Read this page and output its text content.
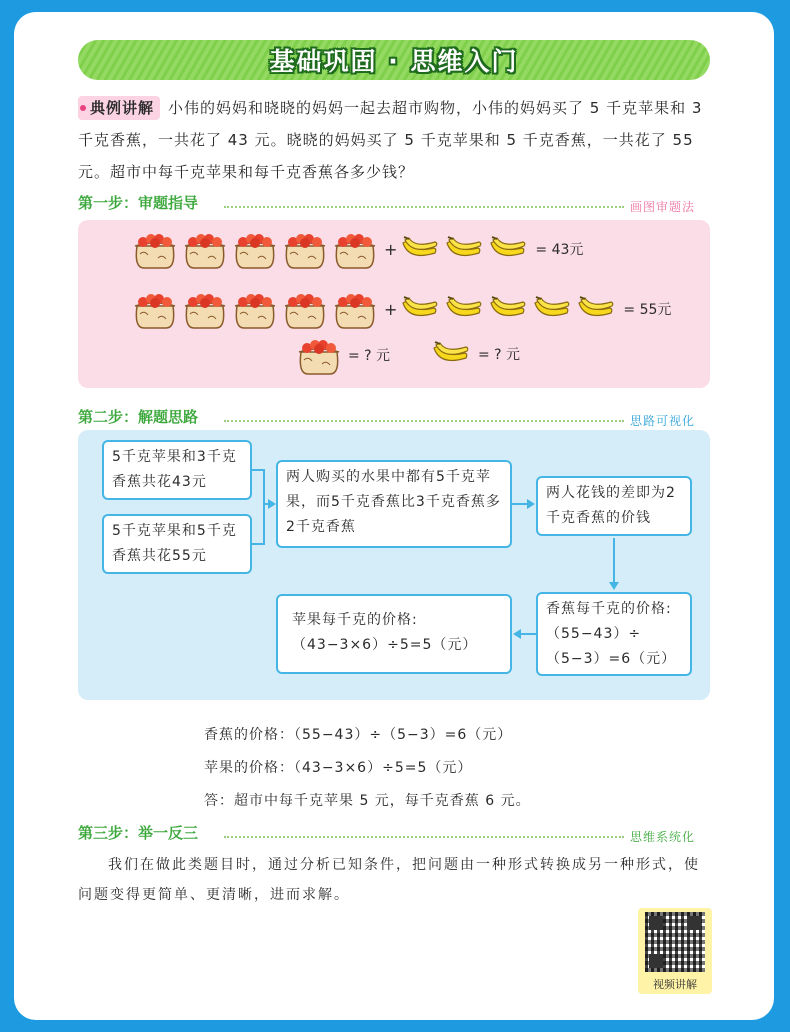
基础巩固 · 思维入门
典例讲解 小伟的妈妈和晓晓的妈妈一起去超市购物，小伟的妈妈买了 5 千克苹果和 3 千克香蕉，一共花了 43 元。晓晓的妈妈买了 5 千克苹果和 5 千克香蕉，一共花了 55 元。超市中每千克苹果和每千克香蕉各多少钱？
第一步：审题指导	画图审题法
+	= 43元
+	= 55元
= ? 元	= ? 元
第二步：解题思路	思路可视化
5千克苹果和3千克香蕉共花43元
5千克苹果和5千克香蕉共花55元
两人购买的水果中都有5千克苹果，而5千克香蕉比3千克香蕉多2千克香蕉
两人花钱的差即为2千克香蕉的价钱
香蕉每千克的价格:
（55−43）÷（5−3）=6（元）
苹果每千克的价格:
（43−3×6）÷5=5（元）
香蕉的价格：（55−43）÷（5−3）=6（元）
苹果的价格：（43−3×6）÷5=5（元）
答：超市中每千克苹果 5 元，每千克香蕉 6 元。
第三步：举一反三	思维系统化
我们在做此类题目时，通过分析已知条件，把问题由一种形式转换成另一种形式，使问题变得更简单、更清晰，进而求解。
视频讲解
